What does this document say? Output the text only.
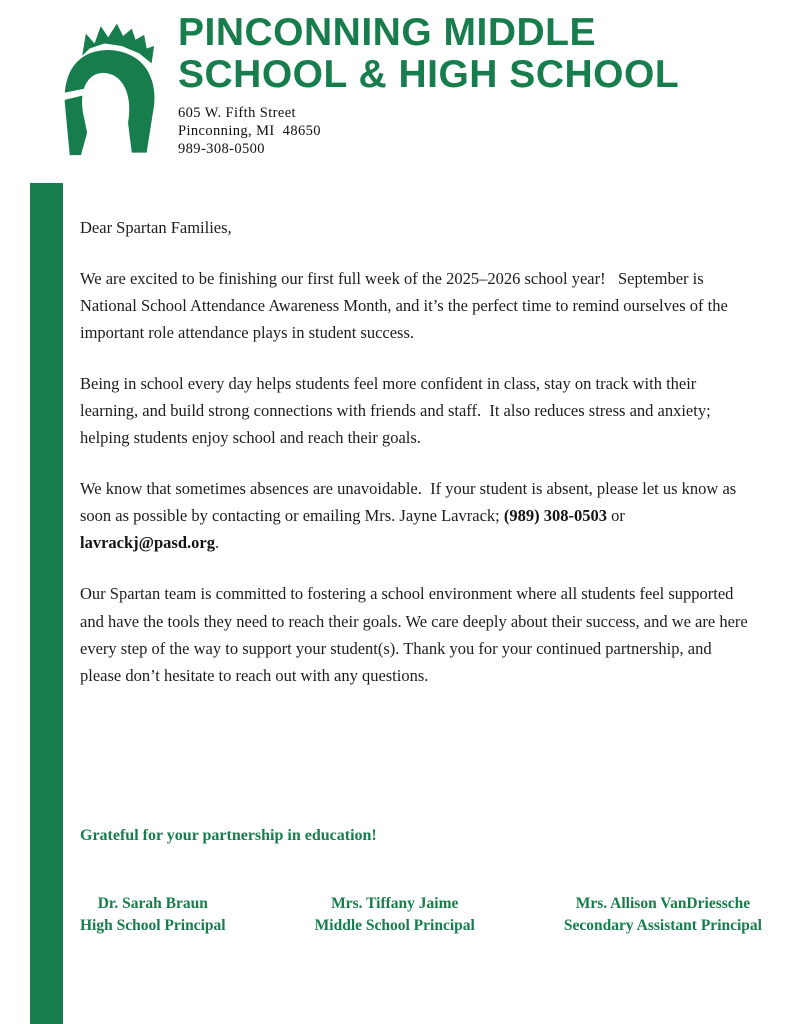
PINCONNING MIDDLE
SCHOOL & HIGH SCHOOL
605 W. Fifth Street
Pinconning, MI  48650
989-308-0500

Dear Spartan Families,

We are excited to be finishing our first full week of the 2025–2026 school year!   September is National School Attendance Awareness Month, and it’s the perfect time to remind ourselves of the important role attendance plays in student success.

Being in school every day helps students feel more confident in class, stay on track with their learning, and build strong connections with friends and staff.  It also reduces stress and anxiety; helping students enjoy school and reach their goals.

We know that sometimes absences are unavoidable.  If your student is absent, please let us know as soon as possible by contacting or emailing Mrs. Jayne Lavrack; (989) 308-0503 or lavrackj@pasd.org.

Our Spartan team is committed to fostering a school environment where all students feel supported and have the tools they need to reach their goals. We care deeply about their success, and we are here every step of the way to support your student(s). Thank you for your continued partnership, and please don’t hesitate to reach out with any questions.

Grateful for your partnership in education!

Dr. Sarah Braun
High School Principal
Mrs. Tiffany Jaime
Middle School Principal
Mrs. Allison VanDriessche
Secondary Assistant Principal
